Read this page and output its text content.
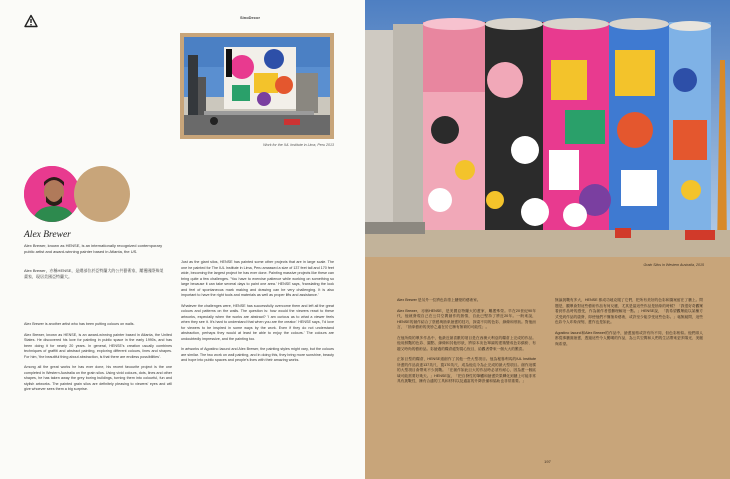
SinoDecor
Work for the IUL Institute in Lima, Peru 2013
Alex Brewer
Alex Brewer, known as HENSE, is an internationally recognized contemporary public artist and award-winning painter based in Atlanta, the US.
Alex Brewer，亦稱HENSE，是總部位於亞特蘭大的公共藝術家，屢獲國際殊榮畫家，現居美國亞特蘭大。

Alex Brewer is another artist who has been putting colours on walls.

Alex Brewer, known as HENSE, is an award-winning painter based in Atlanta, the United States. He discovered his love for painting in public space in the early 1990s, and has been doing it for nearly 20 years. In general, HENSE's creation usually combines techniques of graffiti and abstract painting, exploring different colours, lines and shapes. For him, 'the beautiful thing about abstraction, is that there are endless possibilities'.

Among all the great works he has ever done, his recent favourite project is the one completed in Western Australia on the grain silos. Using vivid colours, dots, lines and other shapes, he has taken away the grey boring buildings, turning them into colourful, fun and stylish artworks. The painted grain silos are definitely pleasing to viewers' eyes and will give whoever sees them a big surprise.

Just as the giant silos, HENSE has painted some other projects that are in large scale. The one he painted for The IUL Institute in Lima, Peru amassed a size of 137 feet tall and 170 feet wide, becoming the largest project he has ever done. Painting massive projects like these can bring quite a few challenges. 'You have to exercise patience while working on something so large because it can take several days to paint one area.' HENSE says, 'translating the look and feel of spontaneous mark making and drawing can be very challenging. It is also important to have the right tools and materials as well as proper lifts and assistance.'

Whatever the challenges were, HENSE has successfully overcome them and left all the great colours and patterns on the walls. The question is: how would the viewers react to these artworks, especially when the works are abstract? 'I am curious as to what a viewer feels when they see it. It's hard to understand that when you are the creator.' HENSE says, 'I'd love for viewers to be inspired in some ways by the work. Even if they do not understand abstraction, perhaps they would at least be able to enjoy the colours.' The colours are undoubtedly impressive, and the painting too.

In artworks of Agostino Iacurci and Alex Brewer, the painting styles might vary, but the colours are similar. The two work on wall painting, and in doing this, they bring more sunshine, beauty and hope into public spaces and people's lives with their amazing works.

Grain Silos in Western Australia, 2015

Alex Brewer 是另外一位將色彩塗上牆壁的藝術家。

Alex Brewer，亦稱HENSE，是美國亞特蘭大的畫家，屢獲殊榮。早在20世紀90年代，他就發現自己在公共空間創作的熱情，自此已堅持了將近20年。一般來說，HENSE的創作結合了塗鴉與抽象繪畫的技巧，探索不同的色彩、線條和形狀。對他而言，「抽象藝術的美妙之處在於它擁有無窮的可能性」。

在他所做的眾多作品中，他最近最喜歡的項目是在西澳大利亞的糧倉上完成的作品。他用鮮豔的色彩、圓點、線條和其他形狀，將原本灰色單調的建築變成色彩繽紛、有趣又時尚的藝術品。彩繪過的糧倉絕對賞心悅目，給觀者帶來一個大大的驚喜。

正如巨型的糧倉，HENSE還創作了其他一些大型項目。他為秘魯利馬的IUL Institute 所畫的作品高達137英尺、寬170英尺，成為他迄今為止完成的最大型項目。創作這樣的大型項目會帶來不少挑戰。「在創作如此巨大的作品時必須有耐心，因為畫一個區域可能需要好幾天。」HENSE說，「把自發性的筆觸和繪畫效果轉化到牆上可能非常具有挑戰性，擁有合適的工具和材料以及適當的升降設備和協助也非常重要。」

無論挑戰有多大，HENSE 都成功地克服了它們，把所有美好的色彩和圖案留在了牆上。問題是，觀眾會對這些藝術作品有何反應，尤其是當這些作品是抽象的時候？「我很好奇觀眾看到作品時的感受，作為創作者很難理解這一點。」HENSE說，「我希望觀眾能以某種方式受到作品的啟發，即使他們不懂抽象藝術，或許至少能享受這些色彩。」毫無疑問，這些色彩令人印象深刻，畫作也是如此。

Agostino Iacurci和Alex Brewer的作品中，繪畫風格或許有所不同，但色彩相似。他們兩人都從事牆面繪畫，透過這些令人驚嘆的作品，為公共空間和人們的生活帶來更多陽光、美麗與希望。

197
